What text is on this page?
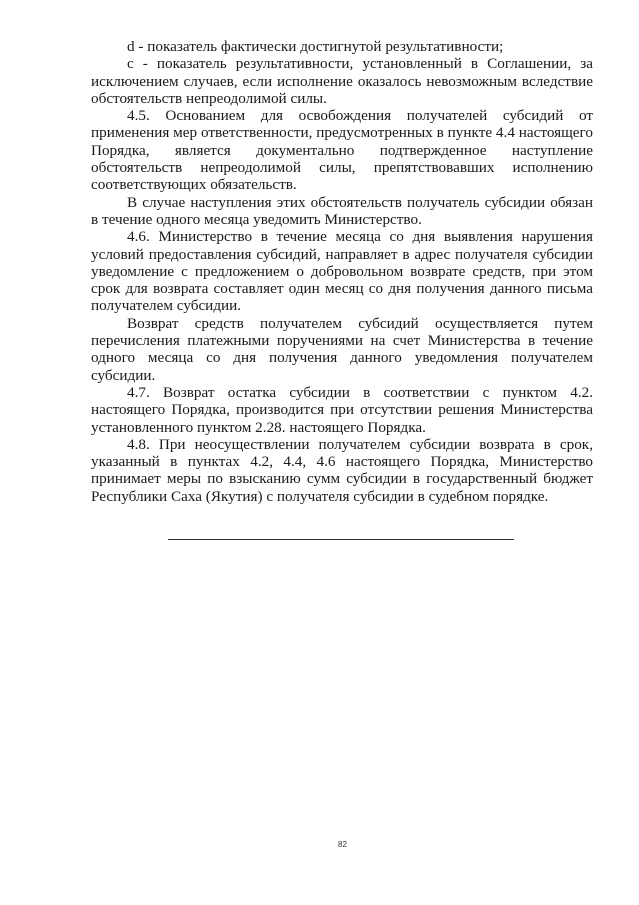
d - показатель фактически достигнутой результативности;

c - показатель результативности, установленный в Соглашении, за исключением случаев, если исполнение оказалось невозможным вследствие обстоятельств непреодолимой силы.

4.5. Основанием для освобождения получателей субсидий от применения мер ответственности, предусмотренных в пункте 4.4 настоящего Порядка, является документально подтвержденное наступление обстоятельств непреодолимой силы, препятствовавших исполнению соответствующих обязательств.

В случае наступления этих обстоятельств получатель субсидии обязан в течение одного месяца уведомить Министерство.

4.6. Министерство в течение месяца со дня выявления нарушения условий предоставления субсидий, направляет в адрес получателя субсидии уведомление с предложением о добровольном возврате средств, при этом срок для возврата составляет один месяц со дня получения данного письма получателем субсидии.

Возврат средств получателем субсидий осуществляется путем перечисления платежными поручениями на счет Министерства в течение одного месяца со дня получения данного уведомления получателем субсидии.

4.7. Возврат остатка субсидии в соответствии с пунктом 4.2. настоящего Порядка, производится при отсутствии решения Министерства установленного пунктом 2.28. настоящего Порядка.

4.8. При неосуществлении получателем субсидии возврата в срок, указанный в пунктах 4.2, 4.4, 4.6 настоящего Порядка, Министерство принимает меры по взысканию сумм субсидии в государственный бюджет Республики Саха (Якутия) с получателя субсидии в судебном порядке.

82
